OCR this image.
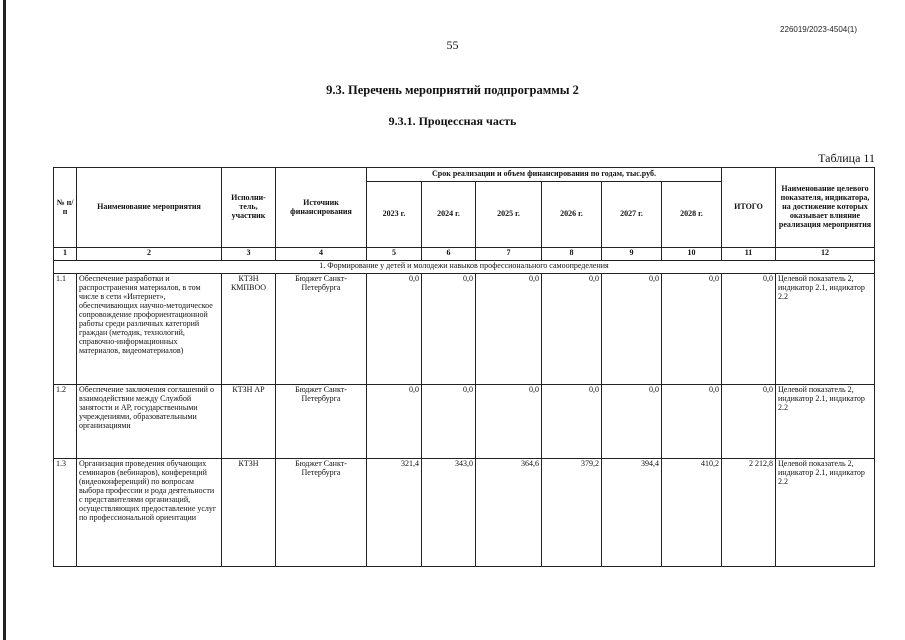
226019/2023-4504(1)
55
9.3. Перечень мероприятий подпрограммы 2
9.3.1. Процессная часть
Таблица 11
№ п/п	Наименование мероприятия	Исполни-тель, участник	Источник финансирования	Срок реализации и объем финансирования по годам, тыс.руб.						ИТОГО	Наименование целевого показателя, индикатора, на достижение которых оказывает влияние реализация мероприятия
				2023 г.	2024 г.	2025 г.	2026 г.	2027 г.	2028 г.		
1	2	3	4	5	6	7	8	9	10	11	12
1. Формирование у детей и молодежи навыков профессионального самоопределения											
1.1	Обеспечение разработки и распространения материалов, в том числе в сети «Интернет», обеспечивающих научно-методическое сопровождение профориентационной работы среди различных категорий граждан (методик, технологий, справочно-информационных материалов, видеоматериалов)	КТЗН КМПВОО	Бюджет Санкт-Петербурга	0,0	0,0	0,0	0,0	0,0	0,0	0,0	Целевой показатель 2, индикатор 2.1, индикатор 2.2
1.2	Обеспечение заключения соглашений о взаимодействии между Службой занятости и АР, государственными учреждениями, образовательными организациями	КТЗН АР	Бюджет Санкт-Петербурга	0,0	0,0	0,0	0,0	0,0	0,0	0,0	Целевой показатель 2, индикатор 2.1, индикатор 2.2
1.3	Организация проведения обучающих семинаров (вебинаров), конференций (видеоконференций) по вопросам выбора профессии и рода деятельности с представителями организаций, осуществляющих предоставление услуг по профессиональной ориентации	КТЗН	Бюджет Санкт-Петербурга	321,4	343,0	364,6	379,2	394,4	410,2	2 212,8	Целевой показатель 2, индикатор 2.1, индикатор 2.2
